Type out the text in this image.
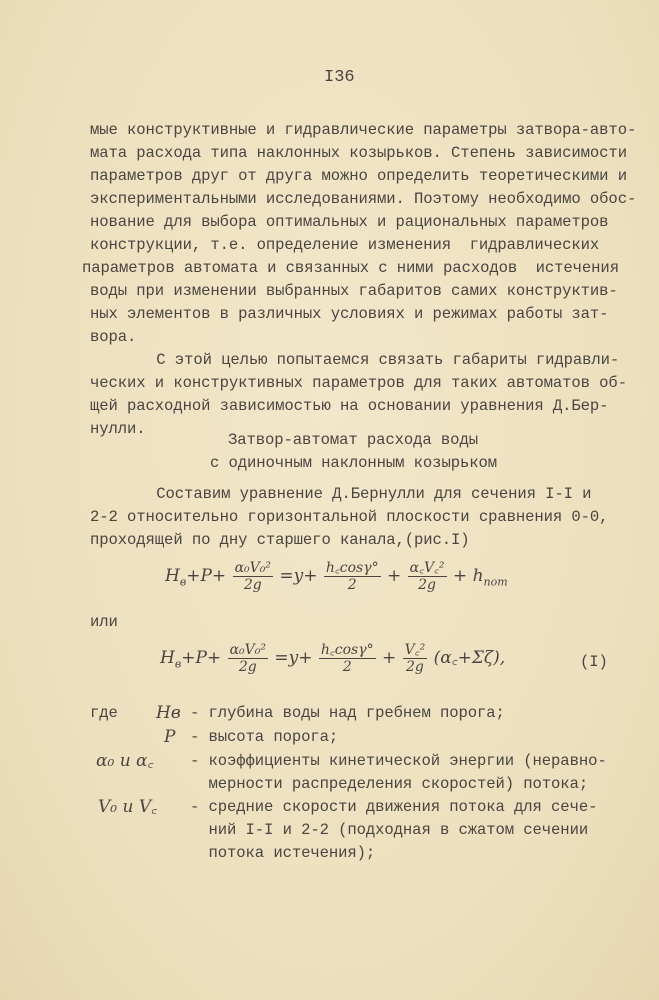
I36
мые конструктивные и гидравлические параметры затвора-авто-
мата расхода типа наклонных козырьков. Степень зависимости
параметров друг от друга можно определить теоретическими и
экспериментальными исследованиями. Поэтому необходимо обос-
нование для выбора оптимальных и рациональных параметров
конструкции, т.е. определение изменения  гидравлических
параметров автомата и связанных с ними расходов  истечения
воды при изменении выбранных габаритов самих конструктив-
ных элементов в различных условиях и режимах работы зат-
вора.
С этой целью попытаемся связать габариты гидравли-
ческих и конструктивных параметров для таких автоматов об-
щей расходной зависимостью на основании уравнения Д.Бер-
нулли.
Затвор-автомат расхода воды
с одиночным наклонным козырьком
Составим уравнение Д.Бернулли для сечения I-I и
2-2 относительно горизонтальной плоскости сравнения 0-0,
проходящей по дну старшего канала,(рис.I)
$H_в+P+ \frac{\text{α₀V₀²}}{2g} =y+ \frac{h꜀\cos\gamma^\circ}{2} + \frac{\text{α꜀V꜀²}}{2g} + h_{пот}$
или
$H_в+P+ \frac{\text{α₀V₀²}}{2g} =y+ \frac{h꜀\cos\gamma^\circ}{2} + \frac{\text{V꜀²}}{2g}$ (α꜀+Σζ),	(I)
где Hв - глубина воды над гребнем порога;
P - высота порога;
α₀ и α꜀ - коэффициенты кинетической энергии (неравно-
мерности распределения скоростей) потока;
V₀ и V꜀ - средние скорости движения потока для сече-
ний I-I и 2-2 (подходная в сжатом сечении
потока истечения);
